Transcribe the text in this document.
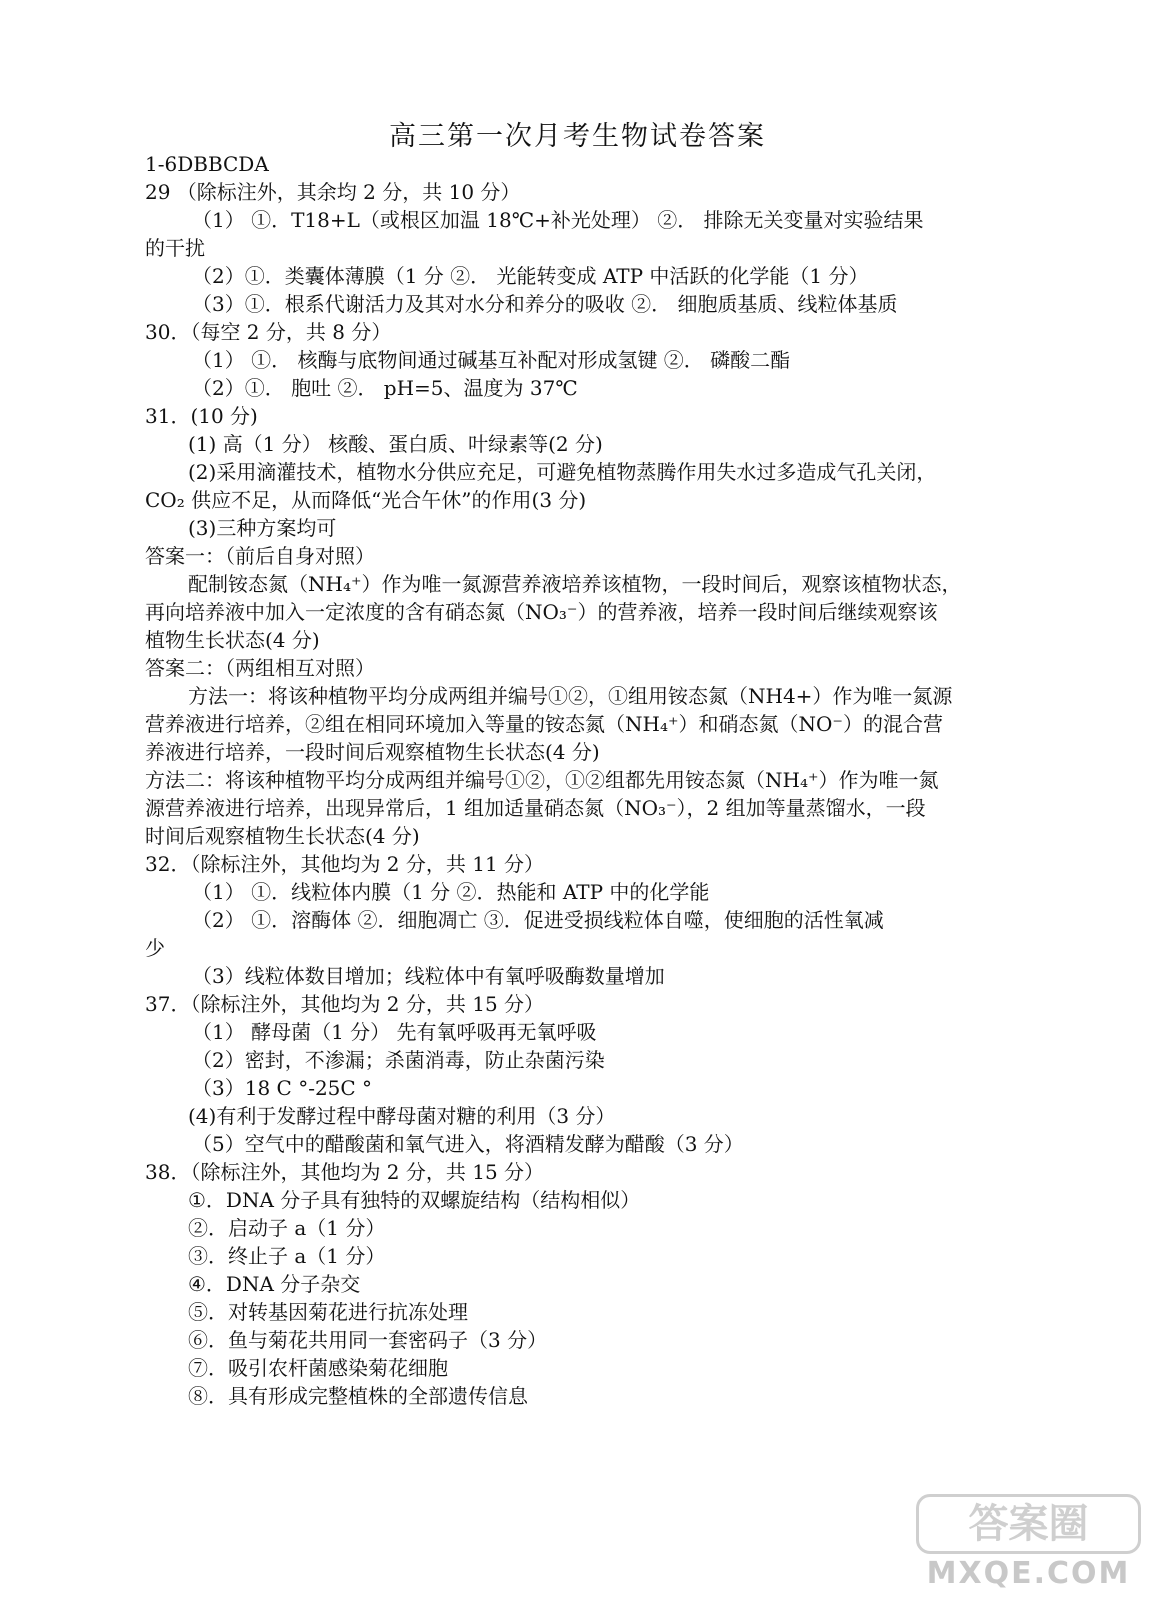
高三第一次月考生物试卷答案
1-6DBBCDA
29 （除标注外，其余均 2 分，共 10 分）
（1） ①．T18+L（或根区加温 18℃+补光处理） ②． 排除无关变量对实验结果
的干扰
（2）①．类囊体薄膜（1 分 ②． 光能转变成 ATP 中活跃的化学能（1 分）
（3）①．根系代谢活力及其对水分和养分的吸收 ②． 细胞质基质、线粒体基质
30．（每空 2 分，共 8 分）
（1） ①． 核酶与底物间通过碱基互补配对形成氢键 ②． 磷酸二酯
（2）①． 胞吐 ②． pH=5、温度为 37℃
31．(10 分)
(1) 高（1 分） 核酸、蛋白质、叶绿素等(2 分)
(2)采用滴灌技术，植物水分供应充足，可避免植物蒸腾作用失水过多造成气孔关闭，
CO₂ 供应不足，从而降低“光合午休”的作用(3 分)
(3)三种方案均可
答案一：（前后自身对照）
配制铵态氮（NH₄⁺）作为唯一氮源营养液培养该植物，一段时间后，观察该植物状态，
再向培养液中加入一定浓度的含有硝态氮（NO₃⁻）的营养液，培养一段时间后继续观察该
植物生长状态(4 分)
答案二：（两组相互对照）
方法一：将该种植物平均分成两组并编号①②，①组用铵态氮（NH4+）作为唯一氮源
营养液进行培养，②组在相同环境加入等量的铵态氮（NH₄⁺）和硝态氮（NO⁻）的混合营
养液进行培养，一段时间后观察植物生长状态(4 分)
方法二：将该种植物平均分成两组并编号①②，①②组都先用铵态氮（NH₄⁺）作为唯一氮
源营养液进行培养，出现异常后，1 组加适量硝态氮（NO₃⁻），2 组加等量蒸馏水，一段
时间后观察植物生长状态(4 分)
32．（除标注外，其他均为 2 分，共 11 分）
（1） ①．线粒体内膜（1 分 ②．热能和 ATP 中的化学能
（2） ①．溶酶体 ②．细胞凋亡 ③．促进受损线粒体自噬，使细胞的活性氧减
少
（3）线粒体数目增加；线粒体中有氧呼吸酶数量增加
37．（除标注外，其他均为 2 分，共 15 分）
（1） 酵母菌（1 分） 先有氧呼吸再无氧呼吸
（2）密封，不渗漏；杀菌消毒，防止杂菌污染
（3）18 C °-25C °
(4)有利于发酵过程中酵母菌对糖的利用（3 分）
（5）空气中的醋酸菌和氧气进入，将酒精发酵为醋酸（3 分）
38．（除标注外，其他均为 2 分，共 15 分）
①．DNA 分子具有独特的双螺旋结构（结构相似）
②．启动子 a（1 分）
③．终止子 a（1 分）
④．DNA 分子杂交
⑤．对转基因菊花进行抗冻处理
⑥．鱼与菊花共用同一套密码子（3 分）
⑦．吸引农杆菌感染菊花细胞
⑧．具有形成完整植株的全部遗传信息
答案圈
MXQE.COM
